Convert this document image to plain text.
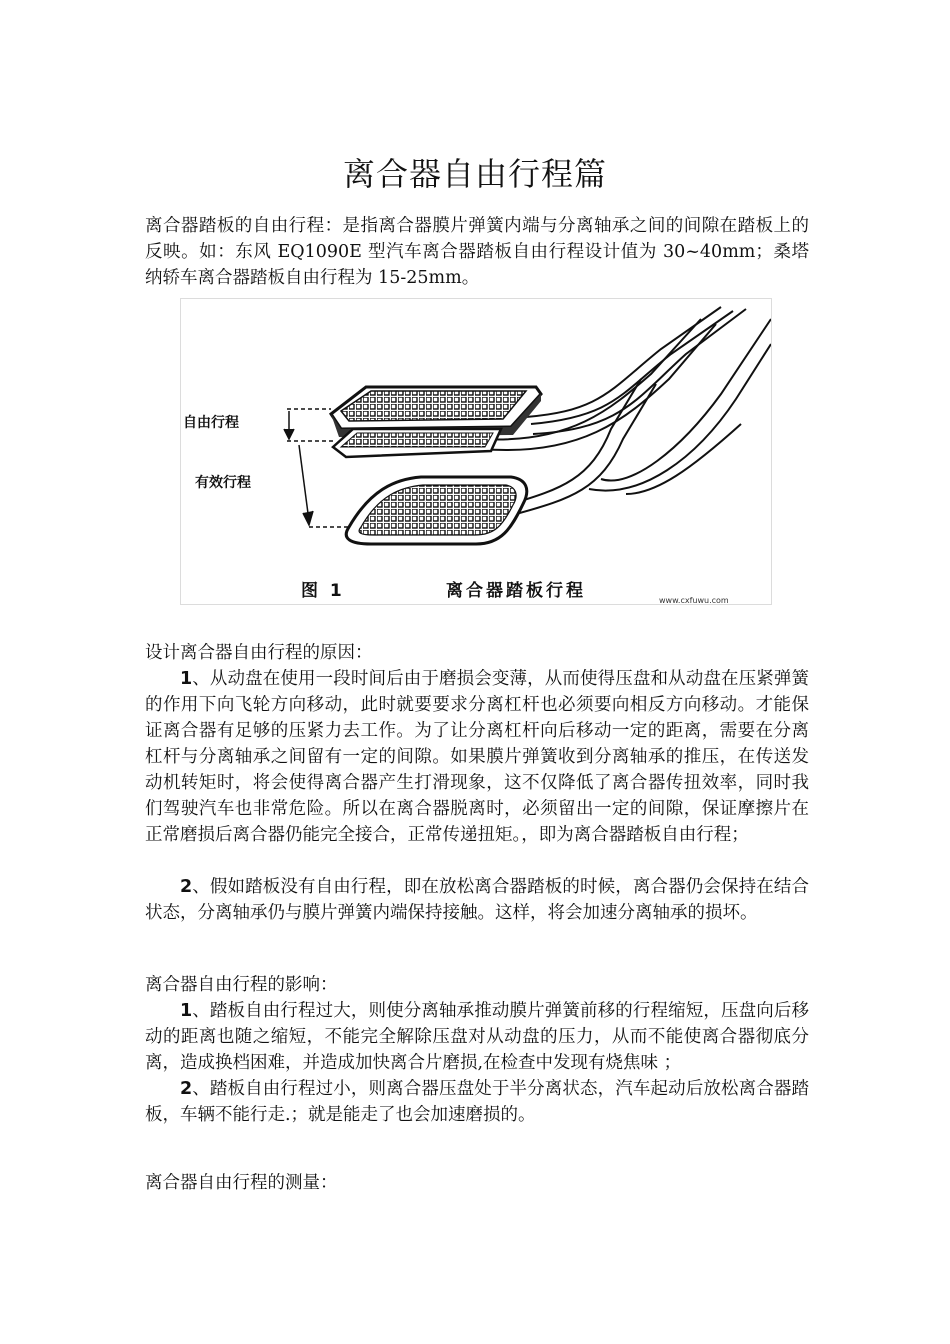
离合器自由行程篇

离合器踏板的自由行程：是指离合器膜片弹簧内端与分离轴承之间的间隙在踏板上的反映。如：东风 EQ1090E 型汽车离合器踏板自由行程设计值为 30~40mm；桑塔纳轿车离合器踏板自由行程为 15-25mm。

自由行程
有效行程
图  1	离合器踏板行程	www.cxfuwu.com

设计离合器自由行程的原因：

1、从动盘在使用一段时间后由于磨损会变薄，从而使得压盘和从动盘在压紧弹簧的作用下向飞轮方向移动，此时就要要求分离杠杆也必须要向相反方向移动。才能保证离合器有足够的压紧力去工作。为了让分离杠杆向后移动一定的距离，需要在分离杠杆与分离轴承之间留有一定的间隙。如果膜片弹簧收到分离轴承的推压，在传送发动机转矩时，将会使得离合器产生打滑现象，这不仅降低了离合器传扭效率，同时我们驾驶汽车也非常危险。所以在离合器脱离时，必须留出一定的间隙，保证摩擦片在正常磨损后离合器仍能完全接合，正常传递扭矩。，即为离合器踏板自由行程；

2、假如踏板没有自由行程，即在放松离合器踏板的时候，离合器仍会保持在结合状态，分离轴承仍与膜片弹簧内端保持接触。这样，将会加速分离轴承的损坏。

离合器自由行程的影响：

1、踏板自由行程过大，则使分离轴承推动膜片弹簧前移的行程缩短，压盘向后移动的距离也随之缩短，不能完全解除压盘对从动盘的压力，从而不能使离合器彻底分离，造成换档困难，并造成加快离合片磨损,在检查中发现有烧焦味 ；

2、踏板自由行程过小，则离合器压盘处于半分离状态，汽车起动后放松离合器踏板，车辆不能行走.；就是能走了也会加速磨损的。

离合器自由行程的测量：
